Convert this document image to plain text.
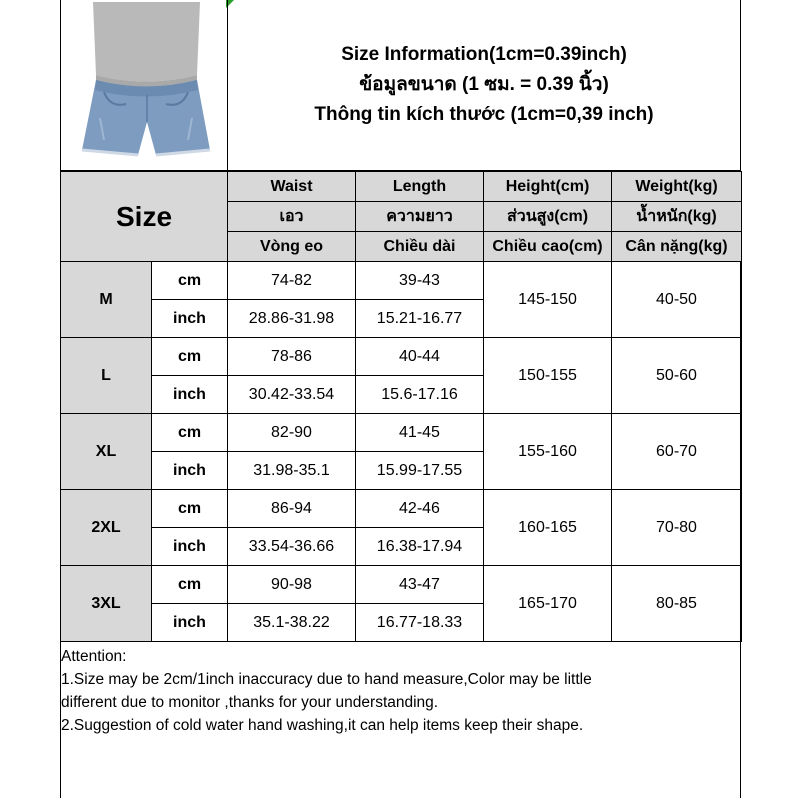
Size Information(1cm=0.39inch)
ข้อมูลขนาด (1 ซม. = 0.39 นิ้ว)
Thông tin kích thước (1cm=0,39 inch)
Size		Waist	Length	Height(cm)	Weight(kg)
		เอว	ความยาว	ส่วนสูง(cm)	น้ำหนัก(kg)
		Vòng eo	Chiều dài	Chiều cao(cm)	Cân nặng(kg)
M	cm	74-82	39-43	145-150	40-50
	inch	28.86-31.98	15.21-16.77		
L	cm	78-86	40-44	150-155	50-60
	inch	30.42-33.54	15.6-17.16		
XL	cm	82-90	41-45	155-160	60-70
	inch	31.98-35.1	15.99-17.55		
2XL	cm	86-94	42-46	160-165	70-80
	inch	33.54-36.66	16.38-17.94		
3XL	cm	90-98	43-47	165-170	80-85
	inch	35.1-38.22	16.77-18.33		
Attention:
1.Size may be 2cm/1inch inaccuracy due to hand measure,Color may be little
different due to monitor ,thanks for your understanding.
2.Suggestion of cold water hand washing,it can help items keep their shape.
